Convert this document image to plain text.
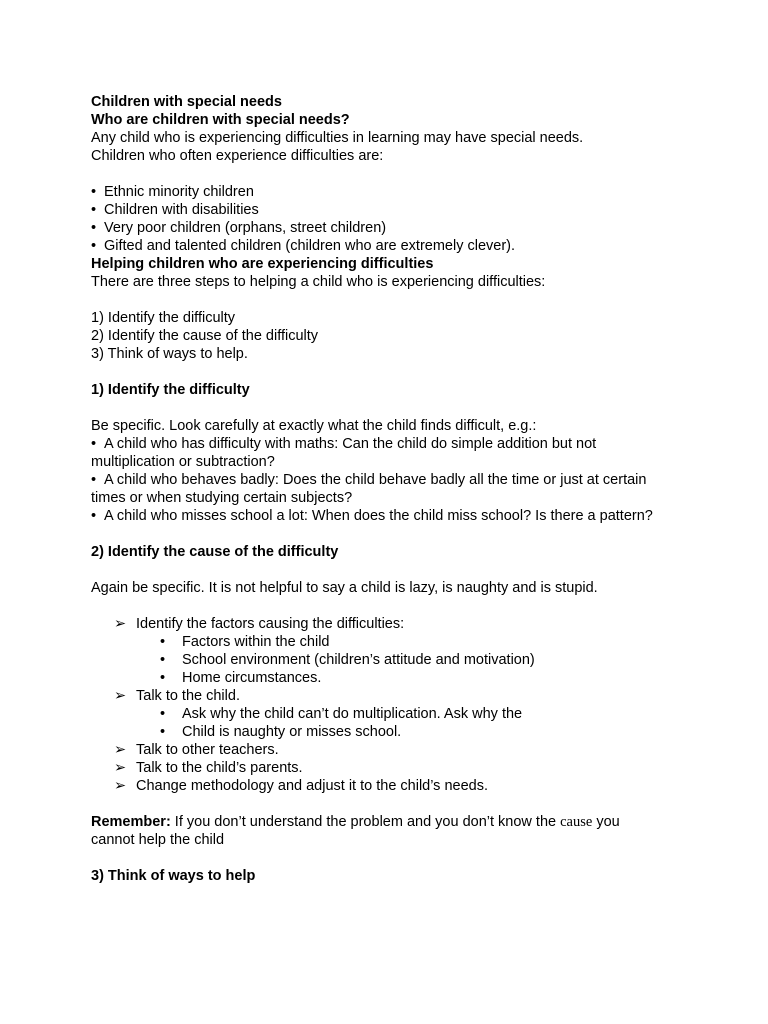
Children with special needs
Who are children with special needs?
Any child who is experiencing difficulties in learning may have special needs.
Children who often experience difficulties are:
• Ethnic minority children
• Children with disabilities
• Very poor children (orphans, street children)
• Gifted and talented children (children who are extremely clever).
Helping children who are experiencing difficulties
There are three steps to helping a child who is experiencing difficulties:
1) Identify the difficulty
2) Identify the cause of the difficulty
3) Think of ways to help.
1) Identify the difficulty
Be specific. Look carefully at exactly what the child finds difficult, e.g.:
• A child who has difficulty with maths: Can the child do simple addition but not
multiplication or subtraction?
• A child who behaves badly: Does the child behave badly all the time or just at certain
times or when studying certain subjects?
• A child who misses school a lot: When does the child miss school? Is there a pattern?
2) Identify the cause of the difficulty
Again be specific. It is not helpful to say a child is lazy, is naughty and is stupid.
➢ Identify the factors causing the difficulties:
• Factors within the child
• School environment (children’s attitude and motivation)
• Home circumstances.
➢ Talk to the child.
• Ask why the child can’t do multiplication. Ask why the
• Child is naughty or misses school.
➢ Talk to other teachers.
➢ Talk to the child’s parents.
➢ Change methodology and adjust it to the child’s needs.
Remember: If you don’t understand the problem and you don’t know the cause you
cannot help the child
3) Think of ways to help
